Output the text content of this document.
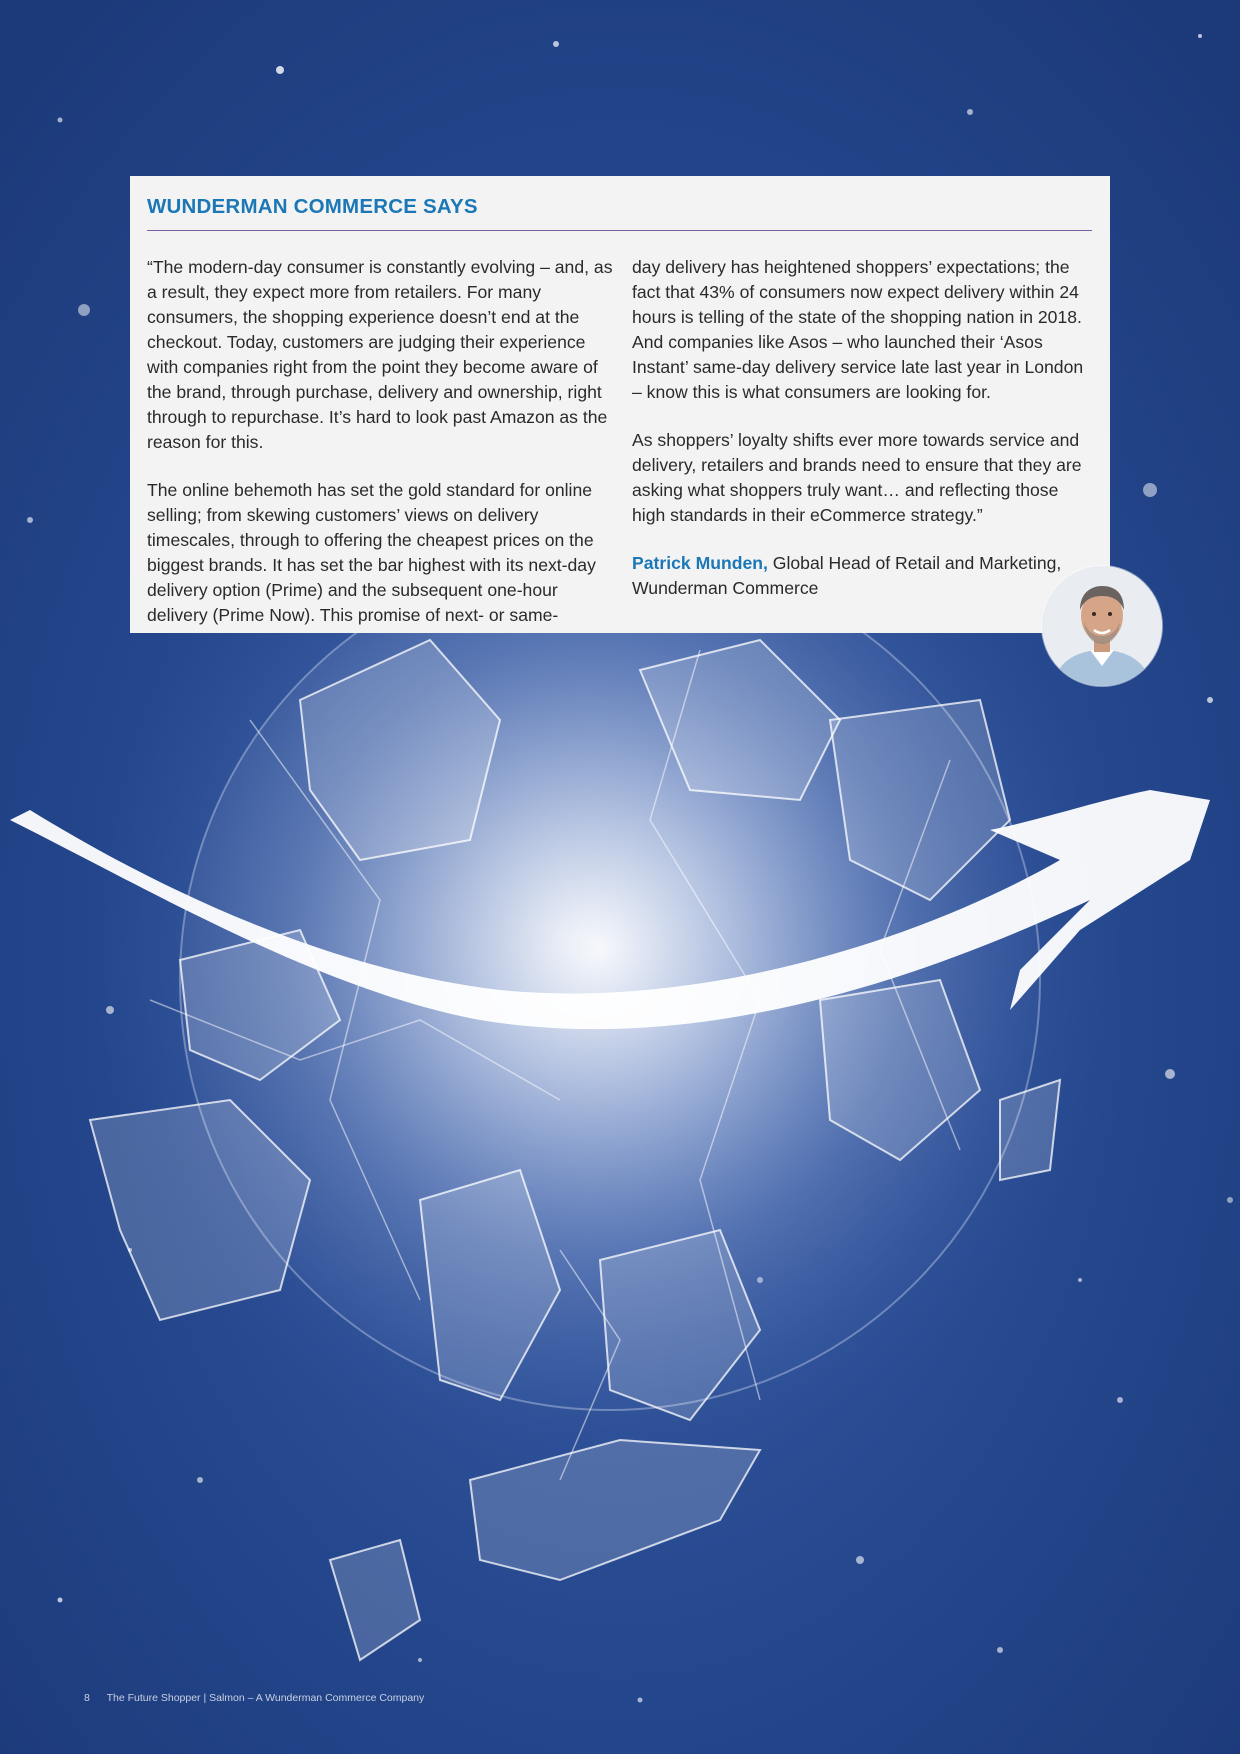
WUNDERMAN COMMERCE SAYS

“The modern-day consumer is constantly evolving – and, as a result, they expect more from retailers. For many consumers, the shopping experience doesn’t end at the checkout. Today, customers are judging their experience with companies right from the point they become aware of the brand, through purchase, delivery and ownership, right through to repurchase. It’s hard to look past Amazon as the reason for this.

The online behemoth has set the gold standard for online selling; from skewing customers’ views on delivery timescales, through to offering the cheapest prices on the biggest brands. It has set the bar highest with its next-day delivery option (Prime) and the subsequent one-hour delivery (Prime Now). This promise of next- or same-

day delivery has heightened shoppers’ expectations; the fact that 43% of consumers now expect delivery within 24 hours is telling of the state of the shopping nation in 2018. And companies like Asos – who launched their ‘Asos Instant’ same-day delivery service late last year in London – know this is what consumers are looking for.

As shoppers’ loyalty shifts ever more towards service and delivery, retailers and brands need to ensure that they are asking what shoppers truly want… and reflecting those high standards in their eCommerce strategy.”

Patrick Munden, Global Head of Retail and Marketing, Wunderman Commerce

8 The Future Shopper | Salmon – A Wunderman Commerce Company
